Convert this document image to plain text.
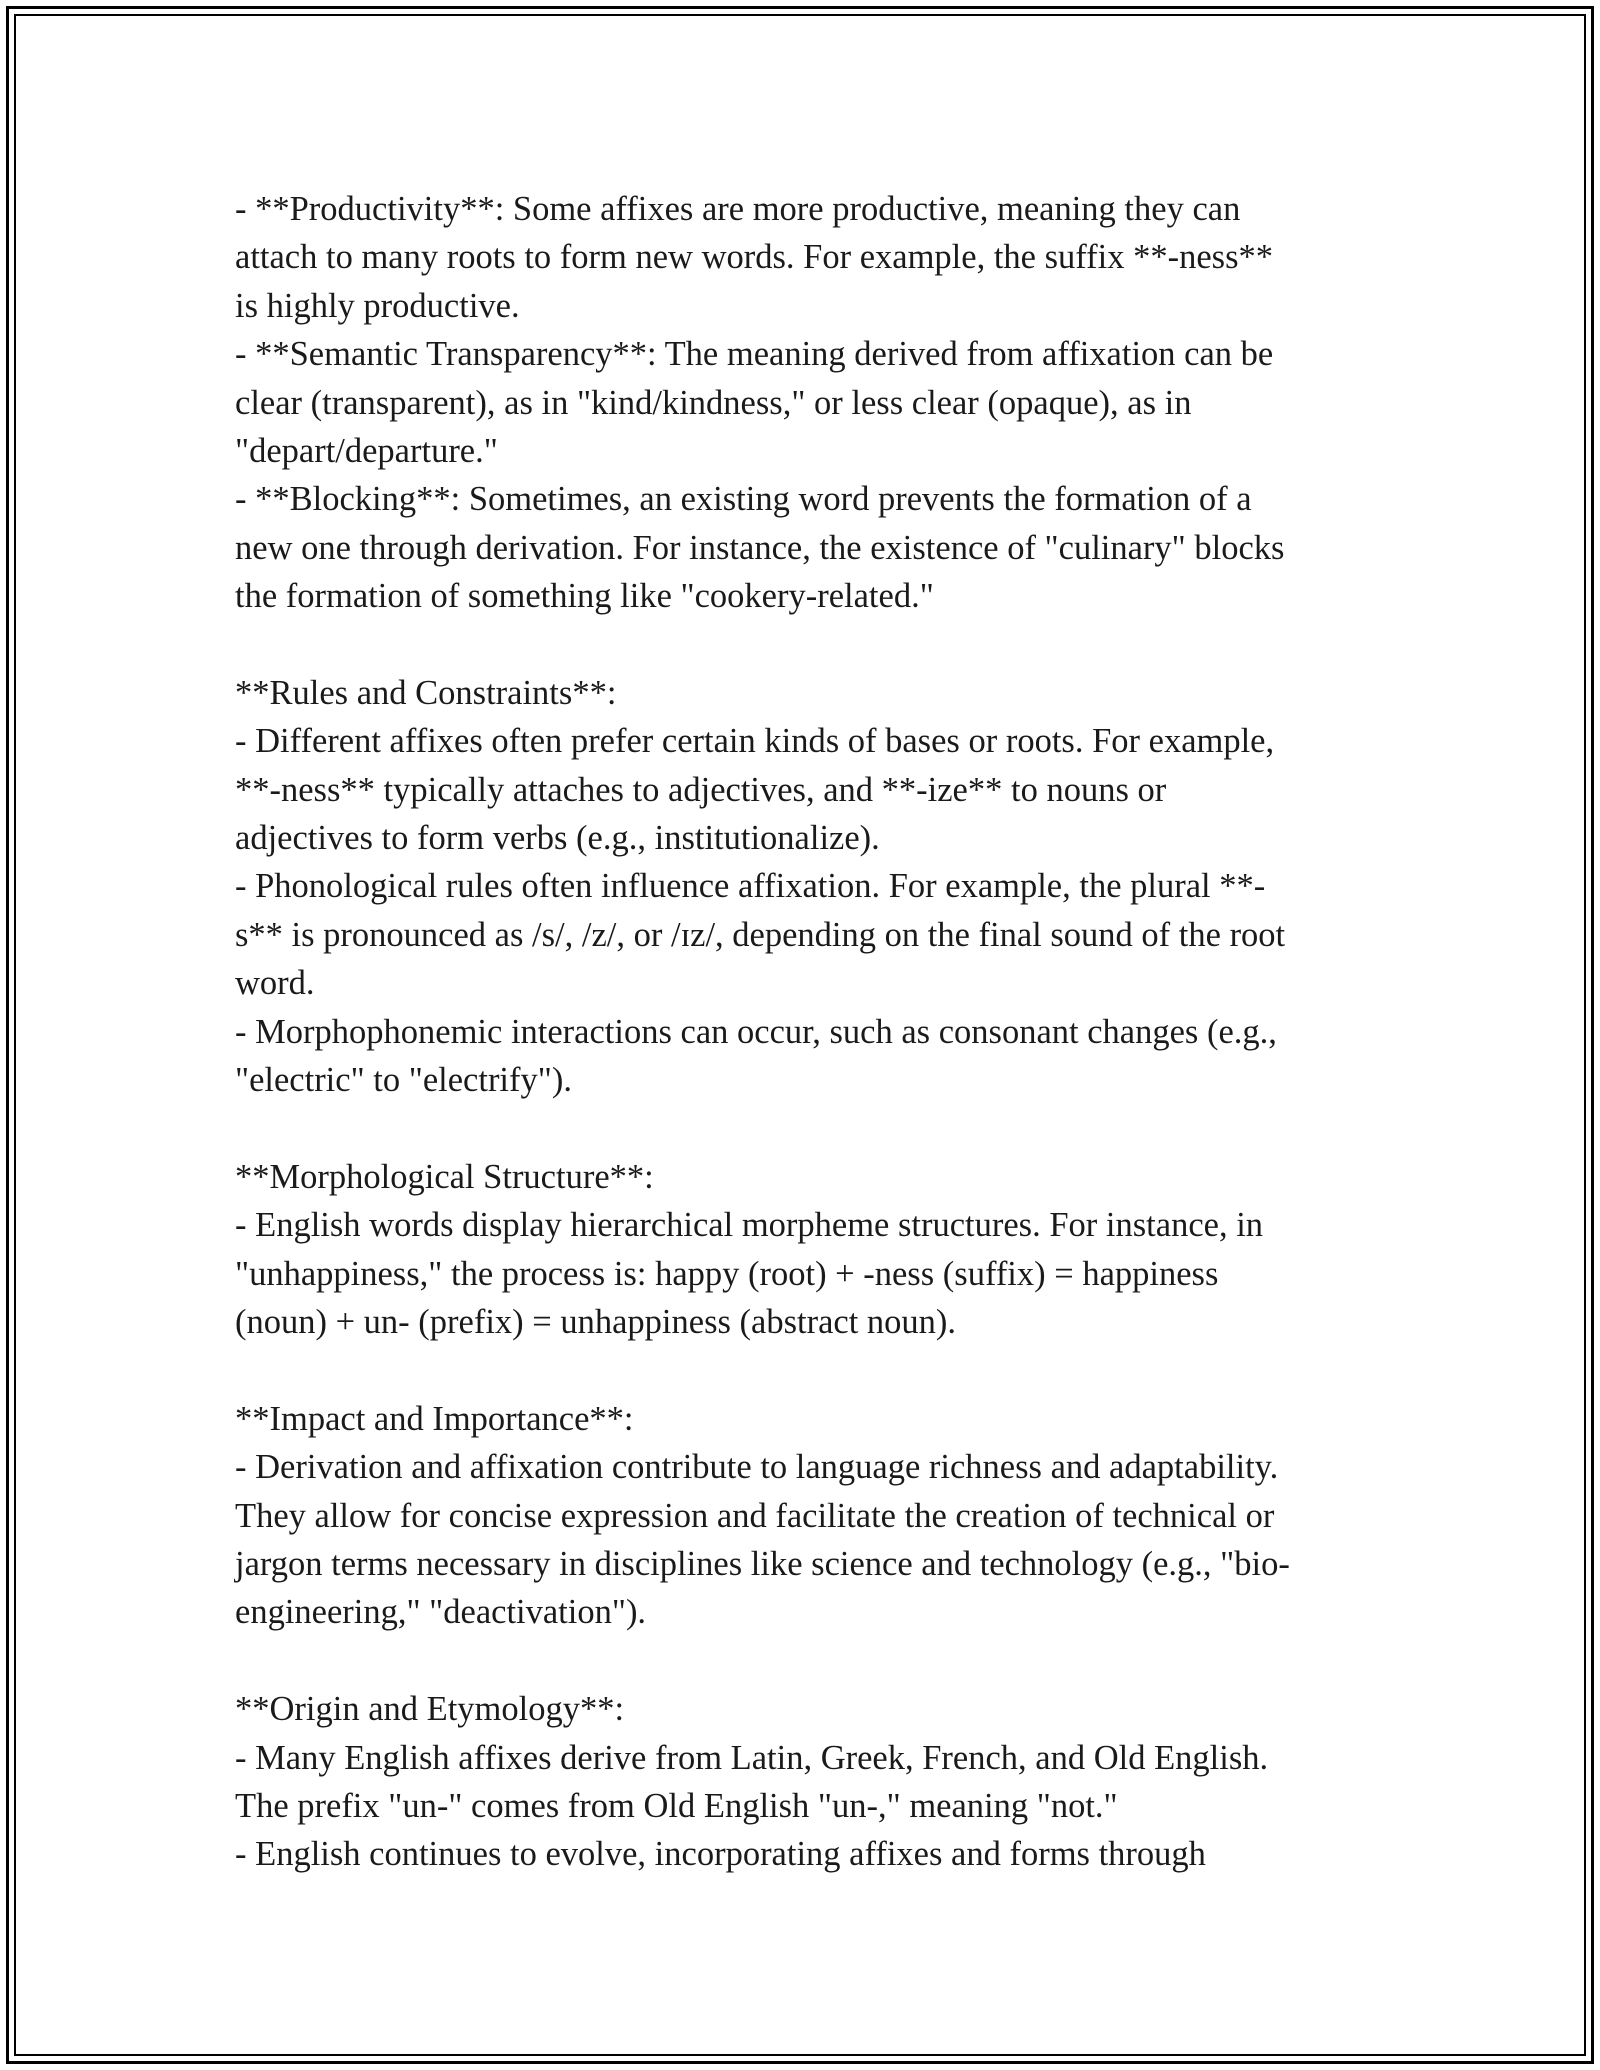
- **Productivity**: Some affixes are more productive, meaning they can
attach to many roots to form new words. For example, the suffix **-ness**
is highly productive.
- **Semantic Transparency**: The meaning derived from affixation can be
clear (transparent), as in "kind/kindness," or less clear (opaque), as in
"depart/departure."
- **Blocking**: Sometimes, an existing word prevents the formation of a
new one through derivation. For instance, the existence of "culinary" blocks
the formation of something like "cookery-related."
**Rules and Constraints**:
- Different affixes often prefer certain kinds of bases or roots. For example,
**-ness** typically attaches to adjectives, and **-ize** to nouns or
adjectives to form verbs (e.g., institutionalize).
- Phonological rules often influence affixation. For example, the plural **-
s** is pronounced as /s/, /z/, or /ɪz/, depending on the final sound of the root
word.
- Morphophonemic interactions can occur, such as consonant changes (e.g.,
"electric" to "electrify").
**Morphological Structure**:
- English words display hierarchical morpheme structures. For instance, in
"unhappiness," the process is: happy (root) + -ness (suffix) = happiness
(noun) + un- (prefix) = unhappiness (abstract noun).
**Impact and Importance**:
- Derivation and affixation contribute to language richness and adaptability.
They allow for concise expression and facilitate the creation of technical or
jargon terms necessary in disciplines like science and technology (e.g., "bio-
engineering," "deactivation").
**Origin and Etymology**:
- Many English affixes derive from Latin, Greek, French, and Old English.
The prefix "un-" comes from Old English "un-," meaning "not."
- English continues to evolve, incorporating affixes and forms through
